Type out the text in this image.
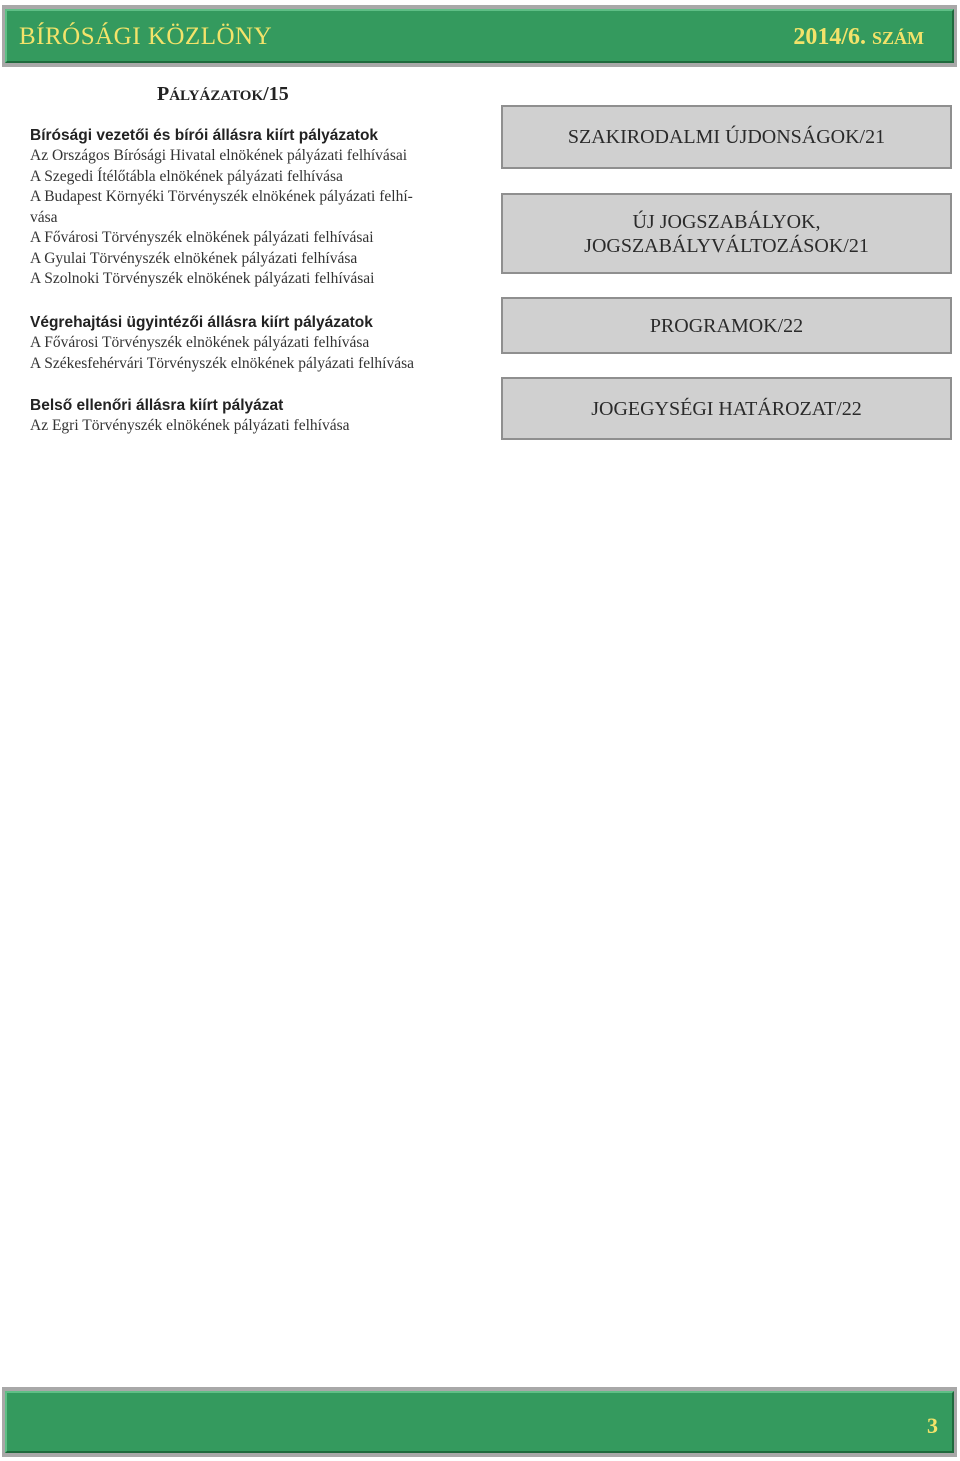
BÍRÓSÁGI KÖZLÖNY	2014/6. SZÁM
PÁLYÁZATOK/15
Bírósági vezetői és bírói állásra kiírt pályázatok
Az Országos Bírósági Hivatal elnökének pályázati felhívásai
A Szegedi Ítélőtábla elnökének pályázati felhívása
A Budapest Környéki Törvényszék elnökének pályázati felhí-
vása
A Fővárosi Törvényszék elnökének pályázati felhívásai
A Gyulai Törvényszék elnökének pályázati felhívása
A Szolnoki Törvényszék elnökének pályázati felhívásai
Végrehajtási ügyintézői állásra kiírt pályázatok
A Fővárosi Törvényszék elnökének pályázati felhívása
A Székesfehérvári Törvényszék elnökének pályázati felhívása
Belső ellenőri állásra kiírt pályázat
Az Egri Törvényszék elnökének pályázati felhívása
SZAKIRODALMI ÚJDONSÁGOK/21
ÚJ JOGSZABÁLYOK,
JOGSZABÁLYVÁLTOZÁSOK/21
PROGRAMOK/22
JOGEGYSÉGI HATÁROZAT/22
3
